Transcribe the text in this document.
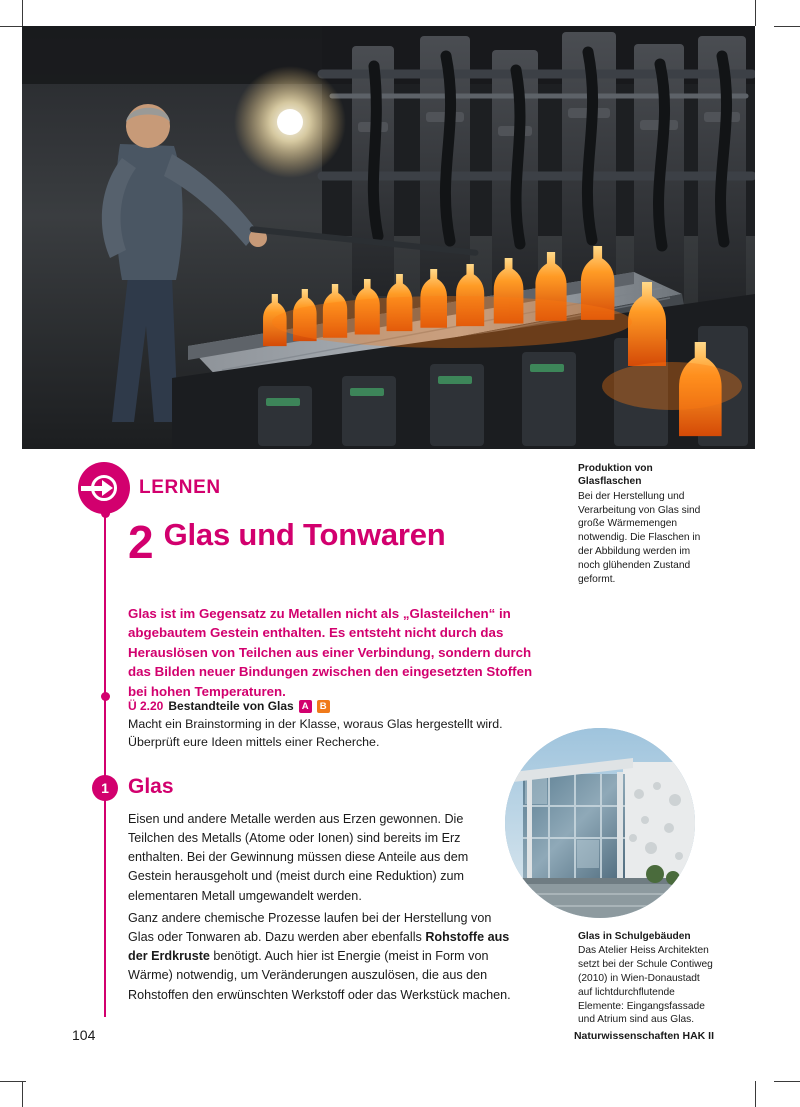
LERNEN
2 Glas und Tonwaren
Glas ist im Gegensatz zu Metallen nicht als „Glasteilchen“ in abgebautem Gestein enthalten. Es entsteht nicht durch das Herauslösen von Teilchen aus einer Verbindung, sondern durch das Bilden neuer Bindungen zwischen den eingesetzten Stoffen bei hohen Temperaturen.
Ü 2.20 Bestandteile von Glas A	B
Macht ein Brainstorming in der Klasse, woraus Glas hergestellt wird. Überprüft eure Ideen mittels einer Recherche.
1 Glas
Eisen und andere Metalle werden aus Erzen gewonnen. Die Teilchen des Metalls (Atome oder Ionen) sind bereits im Erz enthalten. Bei der Gewinnung müssen diese Anteile aus dem Gestein herausgeholt und (meist durch eine Reduktion) zum elementaren Metall umgewandelt werden.
Ganz andere chemische Prozesse laufen bei der Herstellung von Glas oder Tonwaren ab. Dazu werden aber ebenfalls Rohstoffe aus der Erdkruste benötigt. Auch hier ist Energie (meist in Form von Wärme) notwendig, um Veränderungen auszulösen, die aus den Rohstoffen den erwünschten Werkstoff oder das Werkstück machen.
Produktion von Glasflaschen
Bei der Herstellung und Verarbeitung von Glas sind große Wärmemengen notwendig. Die Flaschen in der Abbildung werden im noch glühenden Zustand geformt.
Glas in Schulgebäuden
Das Atelier Heiss Architekten setzt bei der Schule Contiweg (2010) in Wien-Donaustadt auf lichtdurchflutende Elemente: Eingangsfassade und Atrium sind aus Glas.
104	Naturwissenschaften HAK II
